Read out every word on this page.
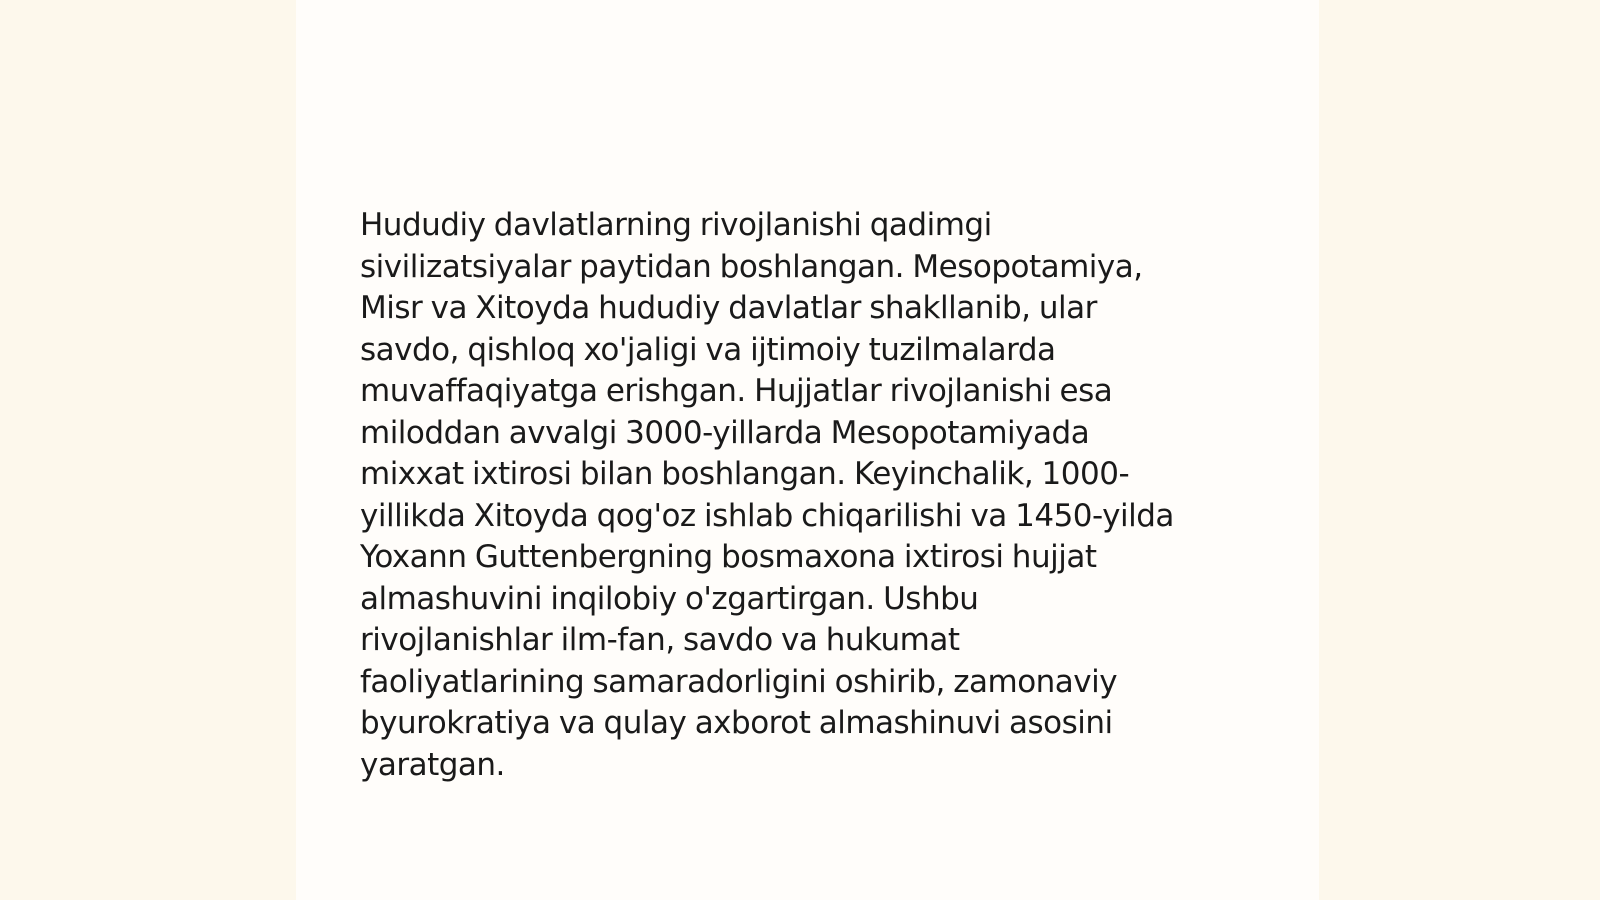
Hududiy davlatlarning rivojlanishi qadimgi
sivilizatsiyalar paytidan boshlangan. Mesopotamiya,
Misr va Xitoyda hududiy davlatlar shakllanib, ular
savdo, qishloq xo'jaligi va ijtimoiy tuzilmalarda
muvaffaqiyatga erishgan. Hujjatlar rivojlanishi esa
miloddan avvalgi 3000-yillarda Mesopotamiyada
mixxat ixtirosi bilan boshlangan. Keyinchalik, 1000-
yillikda Xitoyda qog'oz ishlab chiqarilishi va 1450-yilda
Yoxann Guttenbergning bosmaxona ixtirosi hujjat
almashuvini inqilobiy o'zgartirgan. Ushbu
rivojlanishlar ilm-fan, savdo va hukumat
faoliyatlarining samaradorligini oshirib, zamonaviy
byurokratiya va qulay axborot almashinuvi asosini
yaratgan.
